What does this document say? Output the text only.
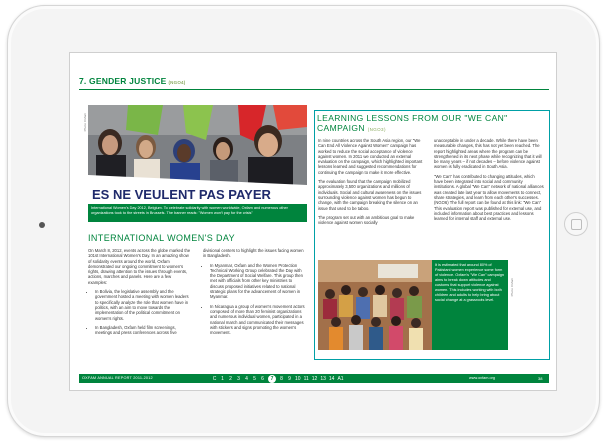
7. GENDER JUSTICE (NGO4)
ES NE VEULENT PAS PAYER
Photo: Oxfam
International Women's Day 2012, Belgium. To celebrate solidarity with women worldwide, Oxfam and numerous other organizations took to the streets in Brussels. The banner reads: "Women won't pay for the crisis"
INTERNATIONAL WOMEN'S DAY

On March 8, 2012, events across the globe marked the 101st International Women's Day. In an amazing show of solidarity events around the world, Oxfam demonstrated our ongoing commitment to women's rights, drawing attention to the issues through events, actions, marches and panels. Here are a few examples:

• In Bolivia, the legislative assembly and the government hosted a meeting with women leaders to specifically analyze the role that women have in politics, with an aim to move towards the implementation of the political commitment on women's rights.
• In Bangladesh, Oxfam held film screenings, meetings and press conferences across five

divisional centers to highlight the issues facing women in Bangladesh.

• In Myanmar, Oxfam and the Women Protection Technical Working Group celebrated the Day with the Department of Social Welfare. This group then met with officials from other key ministries to discuss proposed initiatives related to national strategic plans for the advancement of women in Myanmar.
• In Nicaragua a group of women's movement actors composed of more than 20 feminist organizations and numerous individual women, participated in a national march and communicated their messages with stickers and signs promoting the women's movement.
LEARNING LESSONS FROM OUR "WE CAN" CAMPAIGN (NGO3)

In nine countries across the South Asia region, our "We Can End All Violence Against Women" campaign has worked to reduce the social acceptance of violence against women. In 2011 we conducted an external evaluation on the campaign, which highlighted important lessons learned and suggested recommendations for continuing the campaign to make it more effective.

The evaluation found that the campaign mobilized approximately 3,500 organizations and millions of individuals. Social and cultural awareness on the issues surrounding violence against women has begun to change, with the campaign breaking the silence on an issue that used to be taboo.

The program set out with an ambitious goal to make violence against women socially

unacceptable in under a decade. While there have been measurable changes, this has not yet been reached. The report highlighted areas where the program can be strengthened in its next phase while recognizing that it will be many years – if not decades – before violence against women is fully eradicated in South Asia.

"We Can" has contributed to changing attitudes, which have been integrated into social and community institutions. A global "We Can" network of national alliances was created late last year to allow movements to connect, share strategies, and learn from each other's successes. (NGO6) The full report can be found at this link: "We Can" This evaluation report was published for external use, and included information about best practices and lessons learned for internal staff and external use.

It is estimated that around 80% of Pakistani women experience some form of violence. Oxfam's "We Can" campaign aims to break down attitudes and customs that support violence against women. This includes working with both children and adults to help bring about social change at a grassroots level.
Photo: Oxfam
OXFAM ANNUAL REPORT 2011-2012	C 1 2 3 4 5 6	7	8 9 10 11 12 13 14 A1	www.oxfam.org	38
